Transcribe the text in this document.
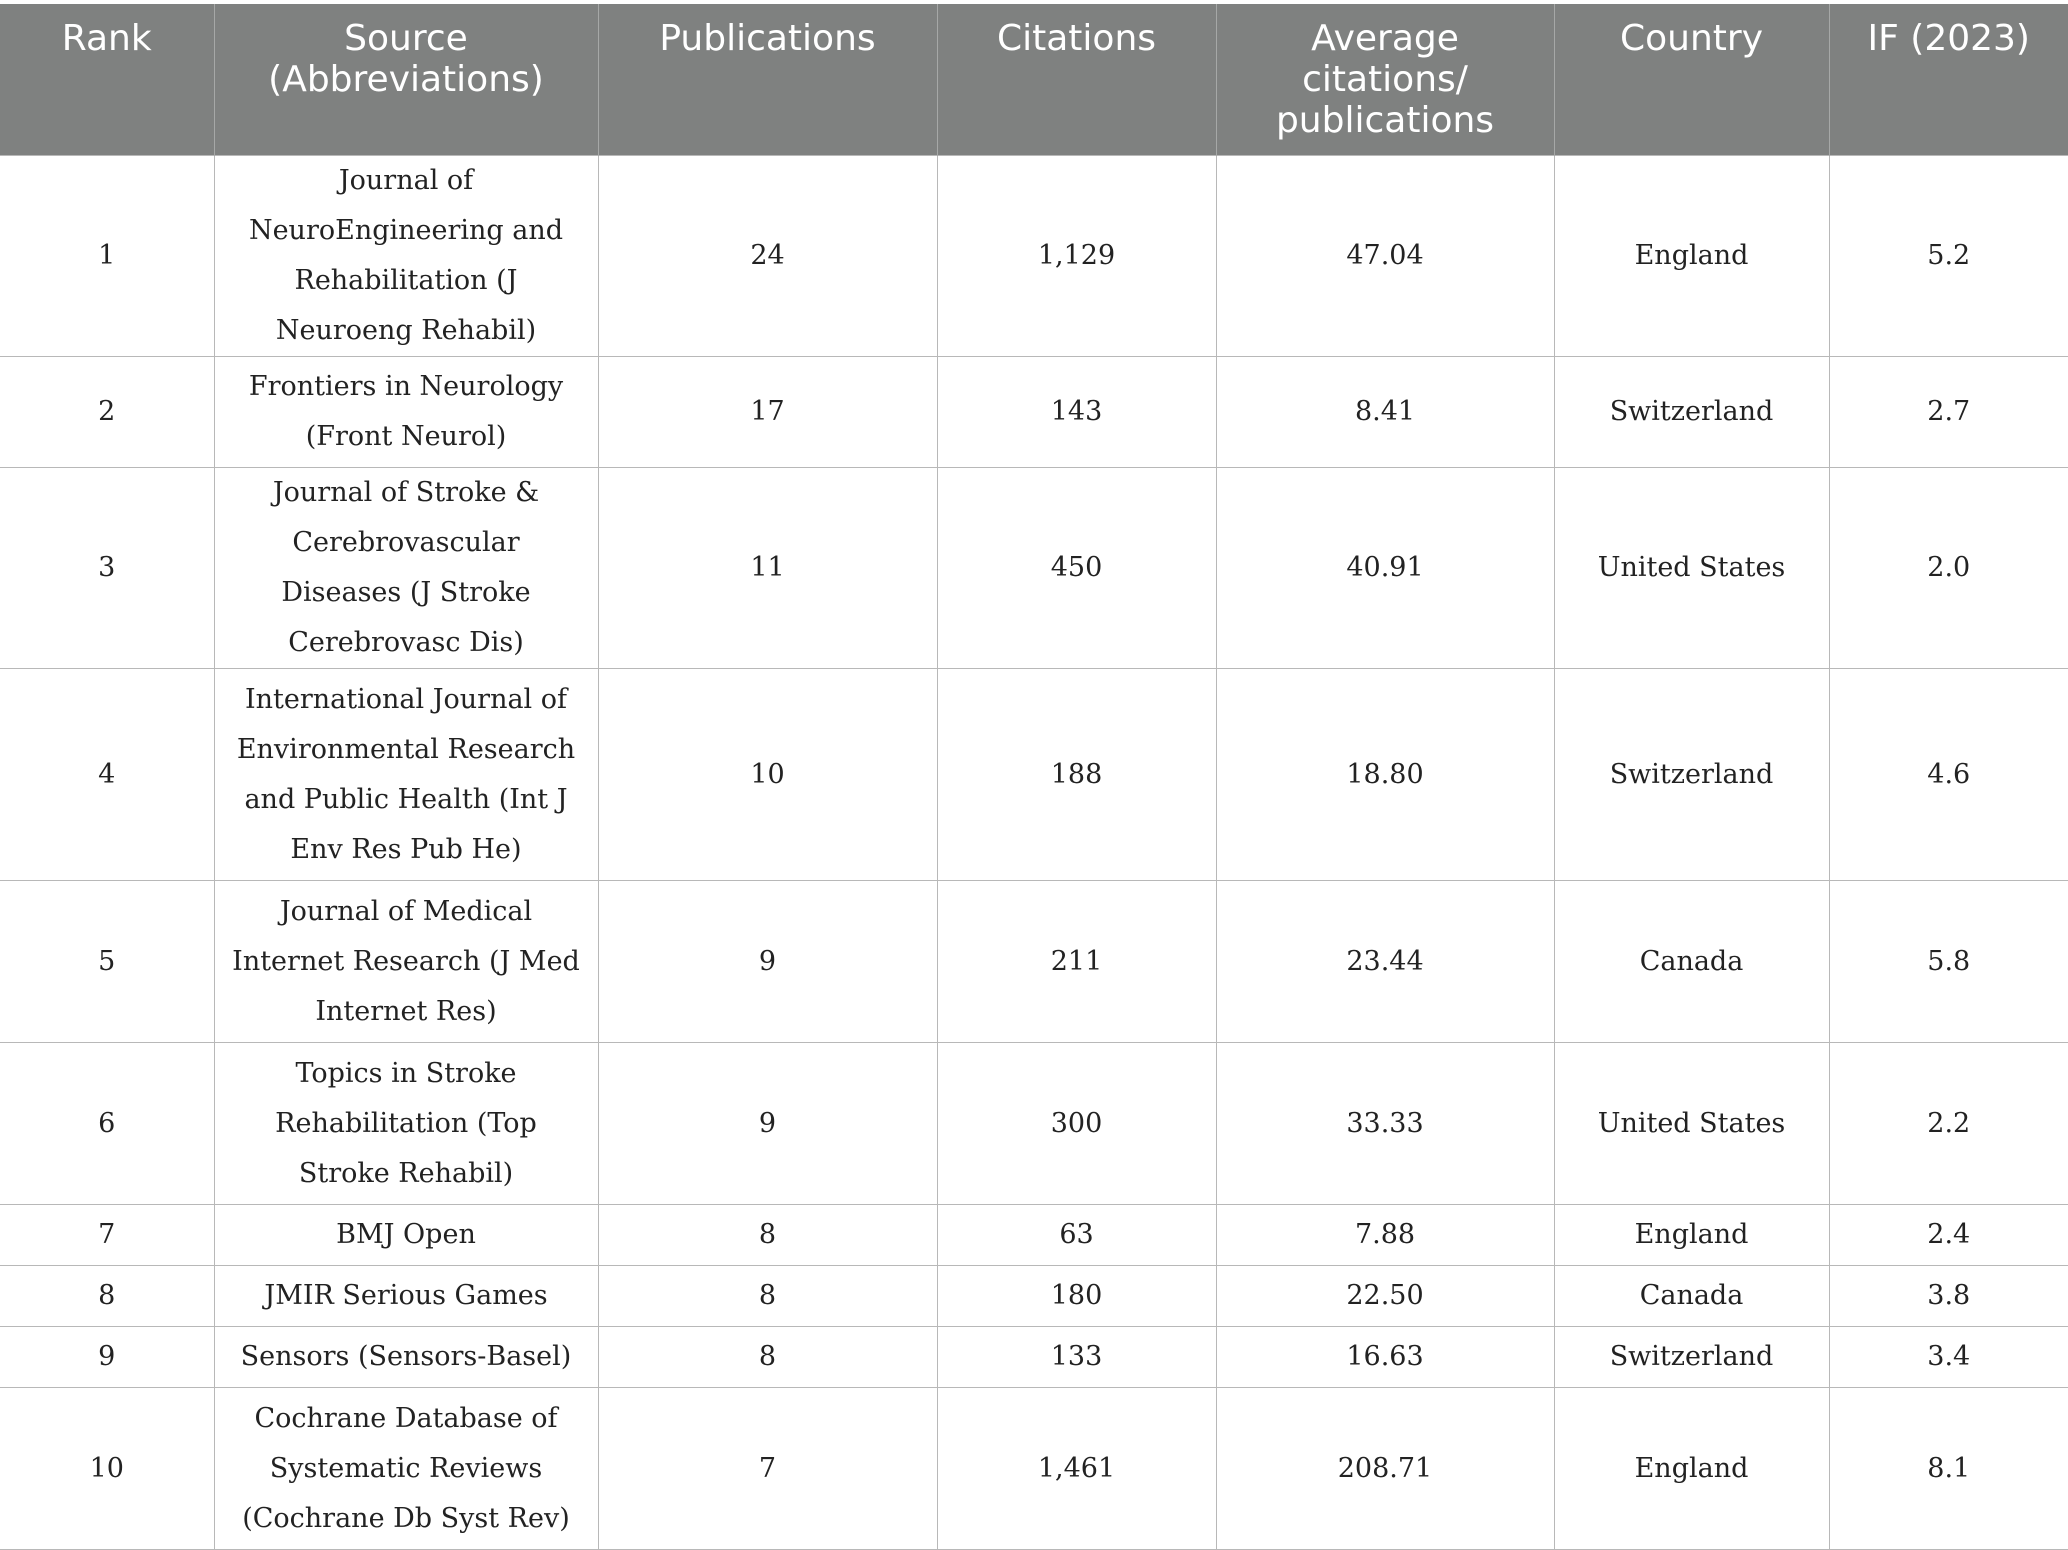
Rank	Source (Abbreviations)	Publications	Citations	Average citations/ publications	Country	IF (2023)
1	Journal of NeuroEngineering and Rehabilitation (J Neuroeng Rehabil)	24	1,129	47.04	England	5.2
2	Frontiers in Neurology (Front Neurol)	17	143	8.41	Switzerland	2.7
3	Journal of Stroke & Cerebrovascular Diseases (J Stroke Cerebrovasc Dis)	11	450	40.91	United States	2.0
4	International Journal of Environmental Research and Public Health (Int J Env Res Pub He)	10	188	18.80	Switzerland	4.6
5	Journal of Medical Internet Research (J Med Internet Res)	9	211	23.44	Canada	5.8
6	Topics in Stroke Rehabilitation (Top Stroke Rehabil)	9	300	33.33	United States	2.2
7	BMJ Open	8	63	7.88	England	2.4
8	JMIR Serious Games	8	180	22.50	Canada	3.8
9	Sensors (Sensors-Basel)	8	133	16.63	Switzerland	3.4
10	Cochrane Database of Systematic Reviews (Cochrane Db Syst Rev)	7	1,461	208.71	England	8.1
